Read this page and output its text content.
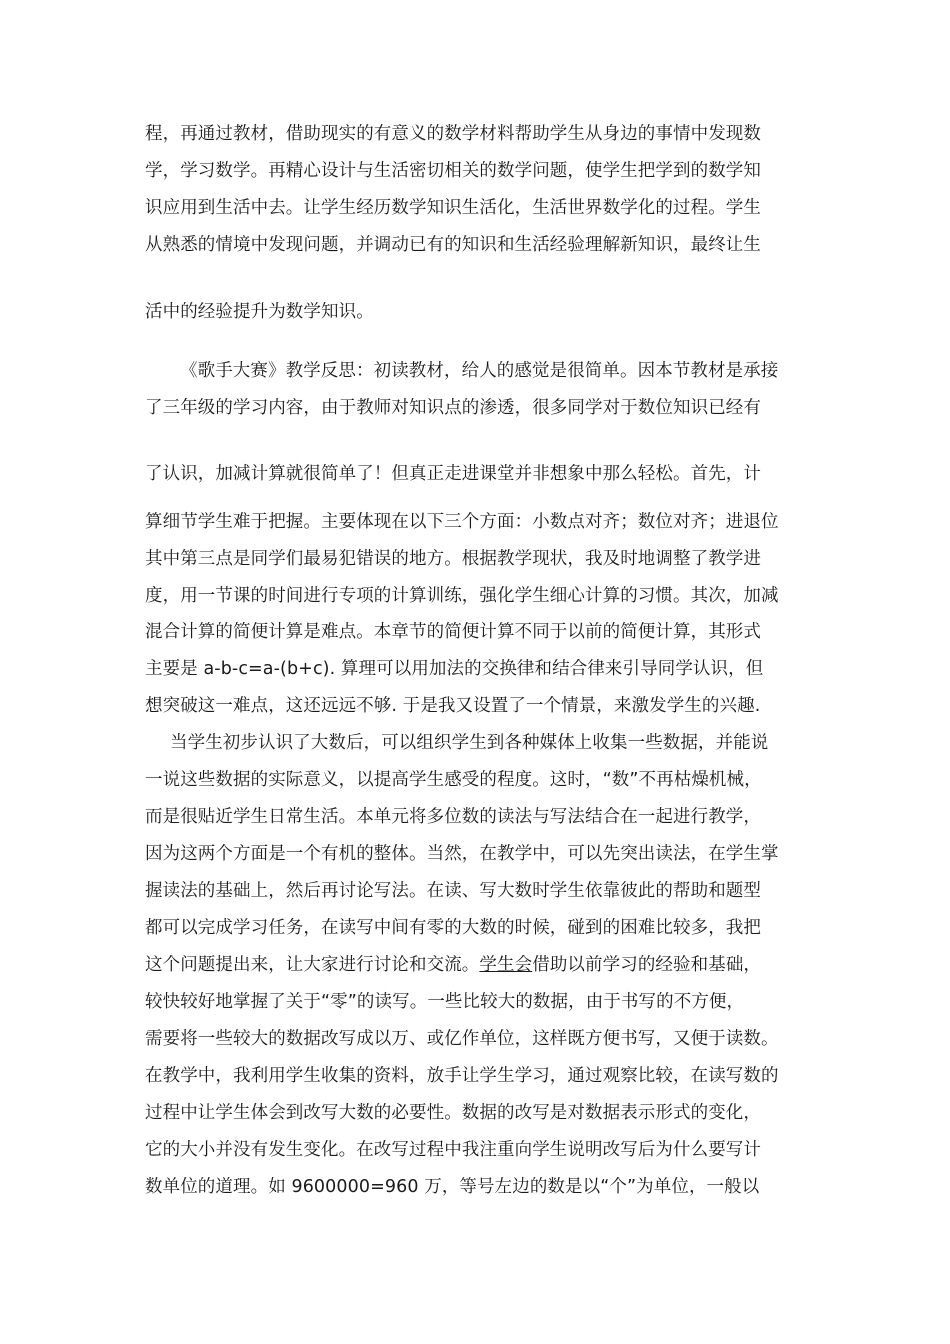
程，再通过教材，借助现实的有意义的数学材料帮助学生从身边的事情中发现数
学，学习数学。再精心设计与生活密切相关的数学问题，使学生把学到的数学知
识应用到生活中去。让学生经历数学知识生活化，生活世界数学化的过程。学生
从熟悉的情境中发现问题，并调动已有的知识和生活经验理解新知识，最终让生
活中的经验提升为数学知识。
《歌手大赛》教学反思：初读教材，给人的感觉是很简单。因本节教材是承接
了三年级的学习内容，由于教师对知识点的渗透，很多同学对于数位知识已经有
了认识，加减计算就很简单了！但真正走进课堂并非想象中那么轻松。首先，计
算细节学生难于把握。主要体现在以下三个方面：小数点对齐；数位对齐；进退位
其中第三点是同学们最易犯错误的地方。根据教学现状，我及时地调整了教学进
度，用一节课的时间进行专项的计算训练，强化学生细心计算的习惯。其次，加减
混合计算的简便计算是难点。本章节的简便计算不同于以前的简便计算，其形式
主要是 a-b-c=a-(b+c). 算理可以用加法的交换律和结合律来引导同学认识，但
想突破这一难点，这还远远不够. 于是我又设置了一个情景，来激发学生的兴趣.
当学生初步认识了大数后，可以组织学生到各种媒体上收集一些数据，并能说
一说这些数据的实际意义，以提高学生感受的程度。这时，“数”不再枯燥机械，
而是很贴近学生日常生活。本单元将多位数的读法与写法结合在一起进行教学，
因为这两个方面是一个有机的整体。当然，在教学中，可以先突出读法，在学生掌
握读法的基础上，然后再讨论写法。在读、写大数时学生依靠彼此的帮助和题型
都可以完成学习任务，在读写中间有零的大数的时候，碰到的困难比较多，我把
这个问题提出来，让大家进行讨论和交流。学生会借助以前学习的经验和基础，
较快较好地掌握了关于“零”的读写。一些比较大的数据，由于书写的不方便，
需要将一些较大的数据改写成以万、或亿作单位，这样既方便书写，又便于读数。
在教学中，我利用学生收集的资料，放手让学生学习，通过观察比较，在读写数的
过程中让学生体会到改写大数的必要性。数据的改写是对数据表示形式的变化，
它的大小并没有发生变化。在改写过程中我注重向学生说明改写后为什么要写计
数单位的道理。如 9600000=960 万，等号左边的数是以“个”为单位，一般以
